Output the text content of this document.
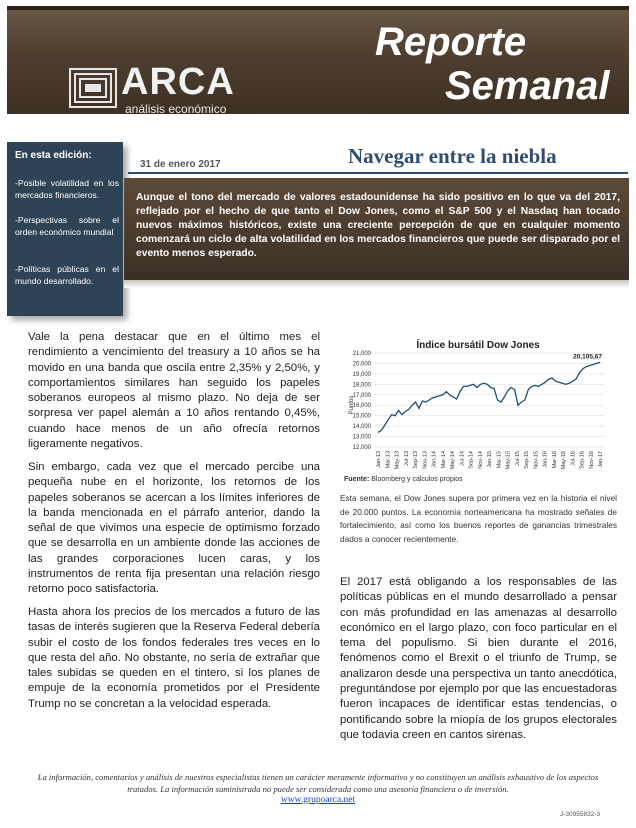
ARCA
análisis económico
Reporte
Semanal
En esta edición:
-Posible volatilidad en los mercados financieros.
-Perspectivas sobre el orden económico mundial
-Políticas públicas en el mundo desarrollado.
31 de enero 2017	Navegar entre la niebla
Aunque el tono del mercado de valores estadounidense ha sido positivo en lo que va del 2017, reflejado por el hecho de que tanto el Dow Jones, como el S&P 500 y el Nasdaq han tocado nuevos máximos históricos, existe una creciente percepción de que en cualquier momento comenzará un ciclo de alta volatilidad en los mercados financieros que puede ser disparado por el evento menos esperado.
Vale la pena destacar que en el último mes el rendimiento a vencimiento del treasury a 10 años se ha movido en una banda que oscila entre 2,35% y 2,50%, y comportamientos similares han seguido los papeles soberanos europeos al mismo plazo. No deja de ser sorpresa ver papel alemán a 10 años rentando 0,45%, cuando hace menos de un año ofrecía retornos ligeramente negativos.
Sin embargo, cada vez que el mercado percibe una pequeña nube en el horizonte, los retornos de los papeles soberanos se acercan a los límites inferiores de la banda mencionada en el párrafo anterior, dando la señal de que vivimos una especie de optimismo forzado que se desarrolla en un ambiente donde las acciones de las grandes corporaciones lucen caras, y los instrumentos de renta fija presentan una relación riesgo retorno poco satisfactoria.
Hasta ahora los precios de los mercados a futuro de las tasas de interés sugieren que la Reserva Federal debería subir el costo de los fondos federales tres veces en lo que resta del año. No obstante, no sería de extrañar que tales subidas se queden en el tintero, si los planes de empuje de la economía prometidos por el Presidente Trump no se concretan a la velocidad esperada.
Índice bursátil Dow Jones
Puntos
12,000
13,000
14,000
15,000
16,000
17,000
18,000
19,000
20,000
21,000
Jan-13 Mar-13 May-13 Jul-13 Sep-13 Nov-13 Jan-14 Mar-14 May-14 Jul-14 Sep-14 Nov-14 Jan-15 Mar-15 May-15 Jul-15 Sep-15 Nov-15 Jan-16 Mar-16 May-16 Jul-16 Sep-16 Nov-16 Jan-17
20,105,67
Fuente: Bloomberg y cálculos propios
Esta semana, el Dow Jones supera por primera vez en la historia el nivel de 20.000 puntos. La economía norteamericana ha mostrado señales de fortalecimiento, así como los buenos reportes de ganancias trimestrales dados a conocer recientemente.
El 2017 está obligando a los responsables de las políticas públicas en el mundo desarrollado a pensar con más profundidad en las amenazas al desarrollo económico en el largo plazo, con foco particular en el tema del populismo. Si bien durante el 2016, fenómenos como el Brexit o el triunfo de Trump, se analizaron desde una perspectiva un tanto anecdótica, preguntándose por ejemplo por que las encuestadoras fueron incapaces de identificar estas tendencias, o pontificando sobre la miopía de los grupos electorales que todavia creen en cantos sirenas.
La información, comentarios y análisis de nuestros especialistas tienen un carácter meramente informativo y no constituyen un análisis exhaustivo de los aspectos tratados. La información suministrada no puede ser considerada como una asesoría financiera o de inversión.
www.grupoarca.net
J-30955832-3
